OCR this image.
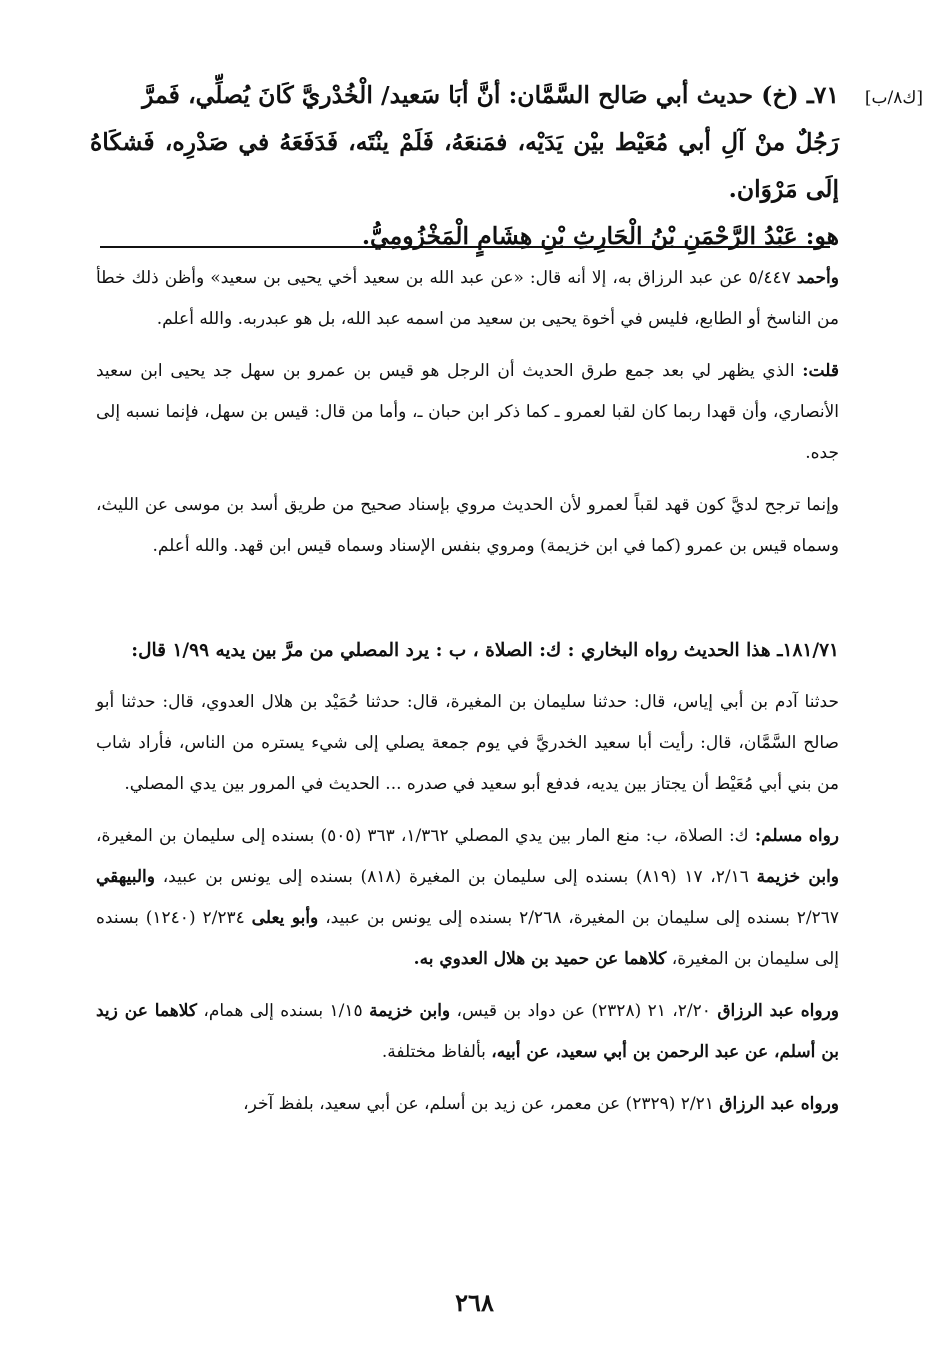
[ك٨/ب]

٧١ـ (خ) حديث أبي صَالح السَّمَّان: أنَّ أبَا سَعيد/ الْخُدْريَّ كَانَ يُصلِّي، فَمرَّ

رَجُلٌ منْ آلِ أبي مُعَيْط بيْن يَدَيْه، فمَنعَهُ، فَلَمْ ينْتَه، فَدَفَعَهُ في صَدْرِه، فَشكَاهُ إلَى مَرْوَان.

هو: عَبْدُ الرَّحْمَنِ بْنُ الْحَارِثِ بْنِ هِشَامٍ الْمَخْزُومِيُّ.

وأحمد ٥/٤٤٧ عن عبد الرزاق به، إلا أنه قال: «عن عبد الله بن سعيد أخي يحيى بن سعيد» وأظن ذلك خطأ من الناسخ أو الطابع، فليس في أخوة يحيى بن سعيد من اسمه عبد الله، بل هو عبدربه. والله أعلم.

قلت: الذي يظهر لي بعد جمع طرق الحديث أن الرجل هو قيس بن عمرو بن سهل جد يحيى ابن سعيد الأنصاري، وأن قهدا ربما كان لقبا لعمرو ـ كما ذكر ابن حبان ـ، وأما من قال: قيس بن سهل، فإنما نسبه إلى جده.

وإنما ترجح لديَّ كون قهد لقباً لعمرو لأن الحديث مروي بإسناد صحيح من طريق أسد بن موسى عن الليث، وسماه قيس بن عمرو (كما في ابن خزيمة) ومروي بنفس الإسناد وسماه قيس ابن قهد. والله أعلم.

١٨١/٧١ـ هذا الحديث رواه البخاري : ك: الصلاة ، ب : يرد المصلي من مرَّ بين يديه ١/٩٩ قال:

حدثنا آدم بن أبي إياس، قال: حدثنا سليمان بن المغيرة، قال: حدثنا حُمَيْد بن هلال العدوي، قال: حدثنا أبو صالح السَّمَّان، قال: رأيت أبا سعيد الخدريَّ في يوم جمعة يصلي إلى شيء يستره من الناس، فأراد شاب من بني أبي مُعَيْط أن يجتاز بين يديه، فدفع أبو سعيد في صدره ... الحديث في المرور بين يدي المصلي.

رواه مسلم: ك: الصلاة، ب: منع المار بين يدي المصلي ١/٣٦٢، ٣٦٣ (٥٠٥) بسنده إلى سليمان بن المغيرة، وابن خزيمة ٢/١٦، ١٧ (٨١٩) بسنده إلى سليمان بن المغيرة (٨١٨) بسنده إلى يونس بن عبيد، والبيهقي ٢/٢٦٧ بسنده إلى سليمان بن المغيرة، ٢/٢٦٨ بسنده إلى يونس بن عبيد، وأبو يعلى ٢/٢٣٤ (١٢٤٠) بسنده إلى سليمان بن المغيرة، كلاهما عن حميد بن هلال العدوي به.

ورواه عبد الرزاق ٢/٢٠، ٢١ (٢٣٢٨) عن دواد بن قيس، وابن خزيمة ١/١٥ بسنده إلى همام، كلاهما عن زيد بن أسلم، عن عبد الرحمن بن أبي سعيد، عن أبيه، بألفاظ مختلفة.

ورواه عبد الرزاق ٢/٢١ (٢٣٢٩) عن معمر، عن زيد بن أسلم، عن أبي سعيد، بلفظ آخر،

٢٦٨
